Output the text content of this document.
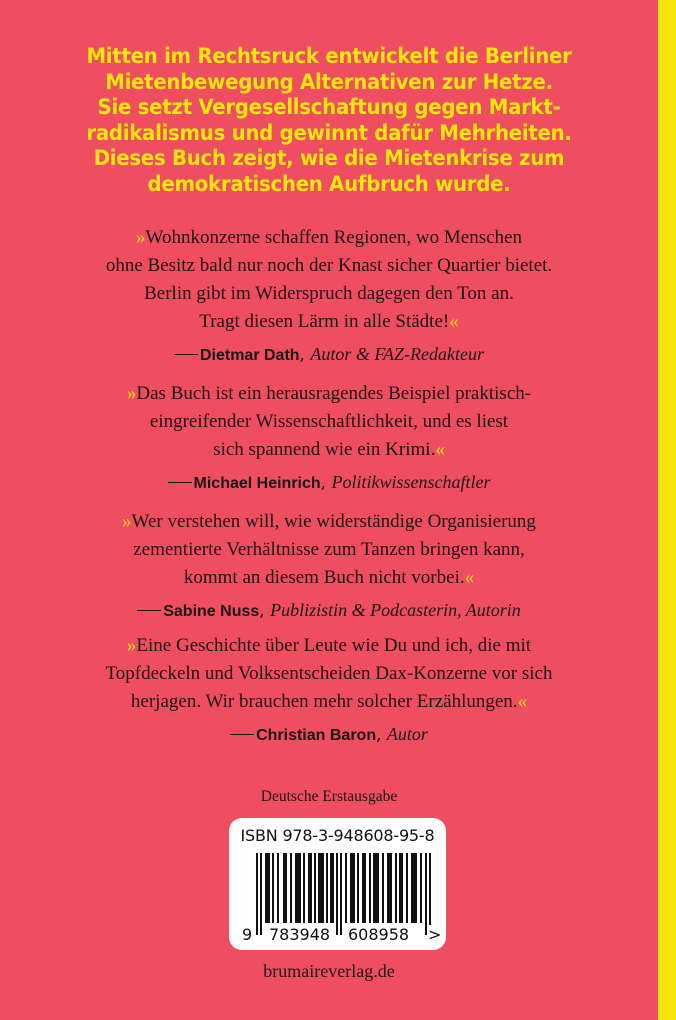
Mitten im Rechtsruck entwickelt die Berliner
Mietenbewegung Alternativen zur Hetze.
Sie setzt Vergesellschaftung gegen Markt-
radikalismus und gewinnt dafür Mehrheiten.
Dieses Buch zeigt, wie die Mietenkrise zum
demokratischen Aufbruch wurde.
»Wohnkonzerne schaffen Regionen, wo Menschen
ohne Besitz bald nur noch der Knast sicher Quartier bietet.
Berlin gibt im Widerspruch dagegen den Ton an.
Tragt diesen Lärm in alle Städte!«
Dietmar Dath, Autor & FAZ-Redakteur
»Das Buch ist ein herausragendes Beispiel praktisch-
eingreifender Wissenschaftlichkeit, und es liest
sich spannend wie ein Krimi.«
Michael Heinrich, Politikwissenschaftler
»Wer verstehen will, wie widerständige Organisierung
zementierte Verhältnisse zum Tanzen bringen kann,
kommt an diesem Buch nicht vorbei.«
Sabine Nuss, Publizistin & Podcasterin, Autorin
»Eine Geschichte über Leute wie Du und ich, die mit
Topfdeckeln und Volksentscheiden Dax-Konzerne vor sich
herjagen. Wir brauchen mehr solcher Erzählungen.«
Christian Baron, Autor
Deutsche Erstausgabe
ISBN 978-3-948608-95-8
9 783948 608958 >
brumaireverlag.de
